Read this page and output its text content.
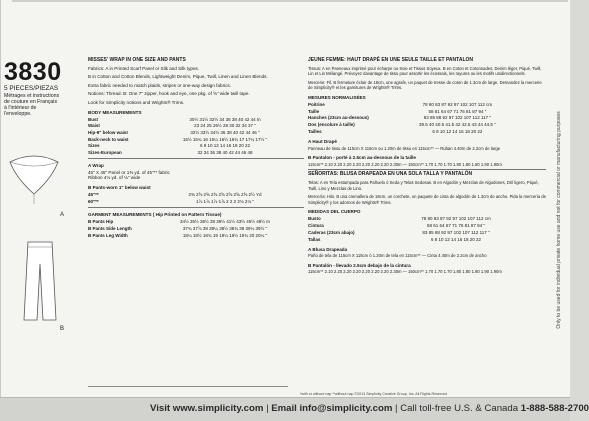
3830
5 PIECES/PIEZAS
Mètrages et instructions de couture en Français à l'intérieur de l'enveloppe.
A
B
MISSES' WRAP IN ONE SIZE AND PANTS
Fabrics: A in Printed Scarf Panel or Silk and Silk types.
B in Cotton and Cotton Blends, Lightweight Denim, Pique, Twill, Linen and Linen Blends.
Extra fabric needed to match plaids, stripes or one-way design fabrics.
Notions: Thread. B: One 7" zipper, hook and eye, one pkg. of ⅝" wide twill tape.
Look for Simplicity notions and Wrights® Trims.
BODY MEASUREMENTS
Bust	30½ 31½ 32½ 34 36 38 40 42 44 In
Waist	23 24 25 26½ 28 30 32 34 37 "
Hip-9" below waist	32½ 33½ 34½ 36 38 40 42 44 46 "
Back-neck to waist	15½ 15¾ 16 16¼ 16½ 16¾ 17 17¼ 17½ "
Sizes	6 8 10 12 14 16 18 20 22
Sizes-European	32 34 36 38 40 42 44 46 48
A Wrap
45" X 45" Panel or 1⅜ yd. of 45"** fabric
Ribbon 4⅛ yd. of ⅛" wide
B Pants-worn 1" below waist
45"**	2⅜ 2⅝ 2⅝ 2⅝ 2⅝ 2⅝ 2⅝ 2⅝ 2½ Yd
60"**	1⅞ 1⅞ 1⅞ 1⅞ 2 2 2 2⅛ 2⅛ "
GARMENT MEASUREMENTS ( Hip Printed on Pattern Tissue)
B Pants Hip	34½ 35½ 36½ 38 39½ 41½ 43½ 45½ 48½ In
B Pants Side Length	37¾ 37⅞ 38 38¼ 38½ 38¾ 39 39¼ 39½ "
B Pants Leg Width	18¼ 18½ 18¾ 19 19¼ 19½ 19¾ 20 20¼ "
JEUNE FEMME: HAUT DRAPÉ EN UNE SEULE TAILLE ET PANTALON
Tissus: A en Panneaux imprimé pour écharpe ou Soie et Tissus Soyeux. B en Coton et Cotonnades, Denim léger, Piqué, Twill, Lin et Lin Mélangé. Prévoyez davantage de tissu pour assortir les écossais, les rayures ou les motifs unidirectionnels.
Mercerie: Fil. B fermeture éclair de 18cm, une agrafe, un paquet de tresse de coton de 1.3cm de large. Demandez la mercerie de Simplicity® et les garnitures de Wrights® Trims.
MESURES NORMALISÉES
Poitrine	78 80 83 87 92 97 102 107 112 cm
Taille	58 61 64 67 71 76 81 87 94 "
Hanches (23cm au-dessous)	83 85 88 92 97 102 107 112 117 "
Dos (encolure à taille)	39.5 40 40.5 41.5 42 42.5 43 44 44.5 "
Tailles	6 8 10 12 14 16 18 20 22
A Haut Drapé
Panneau de tissu de 115cm X 115cm ou 1.20m de tissu en 115cm** — Ruban 4.40m de 2.2cm de large
B Pantalon - porté à 2.5cm au-dessous de la taille
115cm** 2.10 2.20 2.20 2.20 2.20 2.20 2.20 2.30m — 150cm** 1.70 1.70 1.70 1.80 1.80 1.80 1.90 1.90m
SEÑORITAS: BLUSA DRAPEADA EN UNA SOLA TALLA Y PANTALÓN
Telas: A en Tela estampada para Pañuelo ó Seda y Telas Sedosas. B en Algodón y Mezclas de Algodones, Dril ligero, Piqué, Twill, Lino y Mezclas de Lino.
Mercería: Hilo. B una cremallera de 18cm, un corchete, un paquete de cinta de algodón de 1.3cm de ancho. Pida la mercería de Simplicity® y los adornos de Wrights® Trims.
MEDIDAS DEL CUERPO
Busto	78 80 83 87 92 97 102 107 112 cm
Cintura	58 61 64 67 71 76 81 87 94 "
Caderas (23cm abajo)	83 85 88 92 97 102 107 112 117 "
Tallas	6 8 10 12 14 16 18 20 22
A Blusa Drapeada
Paño de tela de 115cm X 115cm ó 1.20m de tela en 115cm** — Cinta 4.40m de 2.2cm de ancho
B Pantalón - llevado 2.5cm debajo de la cintura
115cm** 2.10 2.20 2.20 2.20 2.20 2.20 2.20 2.30m — 150cm** 1.70 1.70 1.70 1.80 1.80 1.80 1.90 1.90m	Only to be used for individual private home use and not for commercial or manufacturing purposes
*with or without nap **without nap ©2013 Simplicity Creative Group, Inc. All Rights Reserved
Visit www.simplicity.com | Email info@simplicity.com | Call toll-free U.S. & Canada 1-888-588-2700
